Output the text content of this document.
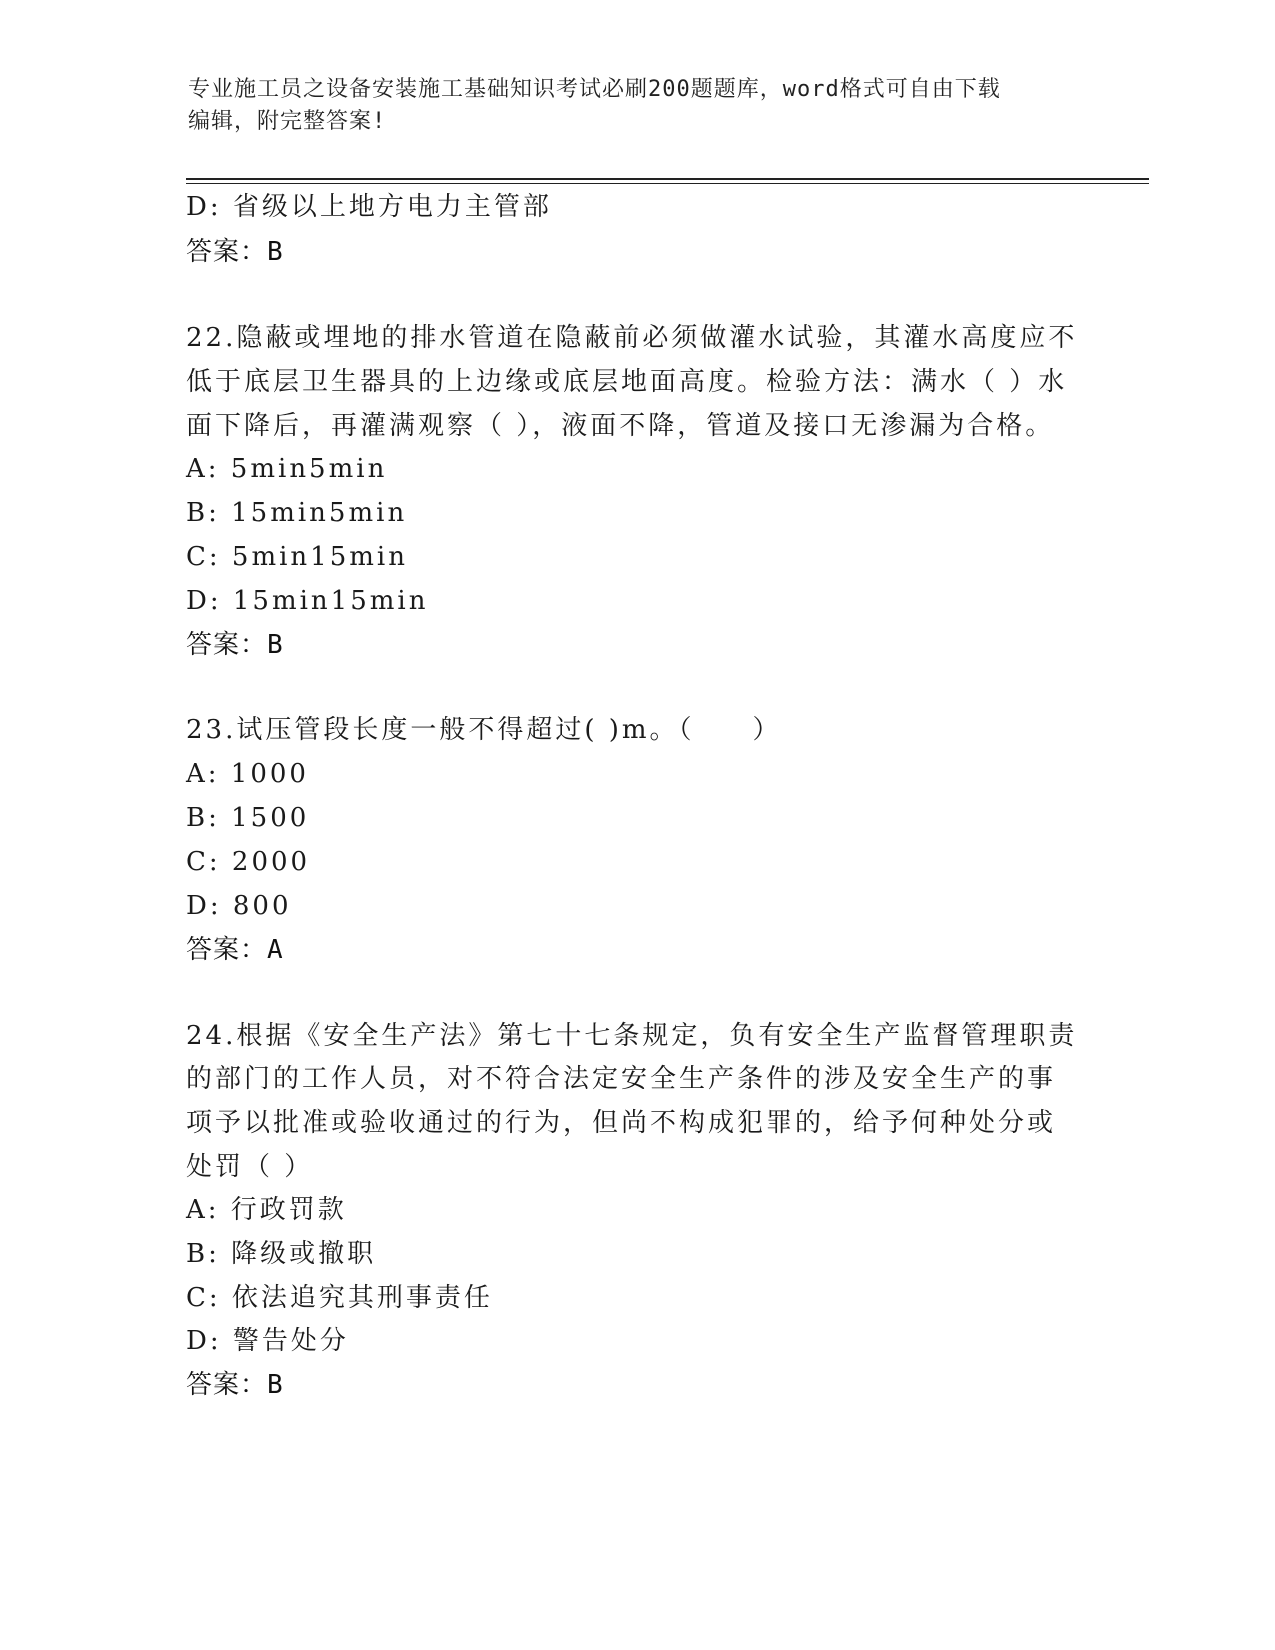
专业施工员之设备安装施工基础知识考试必刷200题题库，word格式可自由下载
编辑，附完整答案!
D: 省级以上地方电力主管部
答案：B
22.隐蔽或埋地的排水管道在隐蔽前必须做灌水试验，其灌水高度应不
低于底层卫生器具的上边缘或底层地面高度。检验方法：满水（ ）水
面下降后，再灌满观察（ ），液面不降，管道及接口无渗漏为合格。
A: 5min5min
B: 15min5min
C: 5min15min
D: 15min15min
答案：B
23.试压管段长度一般不得超过( )m。（　　）
A: 1000
B: 1500
C: 2000
D: 800
答案：A
24.根据《安全生产法》第七十七条规定，负有安全生产监督管理职责
的部门的工作人员，对不符合法定安全生产条件的涉及安全生产的事
项予以批准或验收通过的行为，但尚不构成犯罪的，给予何种处分或
处罚（ ）
A: 行政罚款
B: 降级或撤职
C: 依法追究其刑事责任
D: 警告处分
答案：B
